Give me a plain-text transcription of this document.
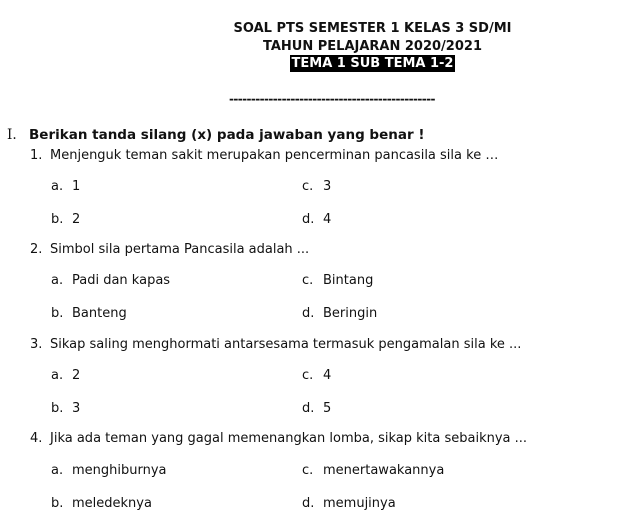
SOAL PTS SEMESTER 1 KELAS 3 SD/MI
TAHUN PELAJARAN 2020/2021
TEMA 1 SUB TEMA 1-2
-----------------------------------------------
I. Berikan tanda silang (x) pada jawaban yang benar !
1. Menjenguk teman sakit merupakan pencerminan pancasila sila ke …
a. 1	c. 3
b. 2	d. 4
2. Simbol sila pertama Pancasila adalah ...
a. Padi dan kapas	c. Bintang
b. Banteng	d. Beringin
3. Sikap saling menghormati antarsesama termasuk pengamalan sila ke ...
a. 2	c. 4
b. 3	d. 5
4. Jika ada teman yang gagal memenangkan lomba, sikap kita sebaiknya ...
a. menghiburnya	c. menertawakannya
b. meledeknya	d. memujinya
